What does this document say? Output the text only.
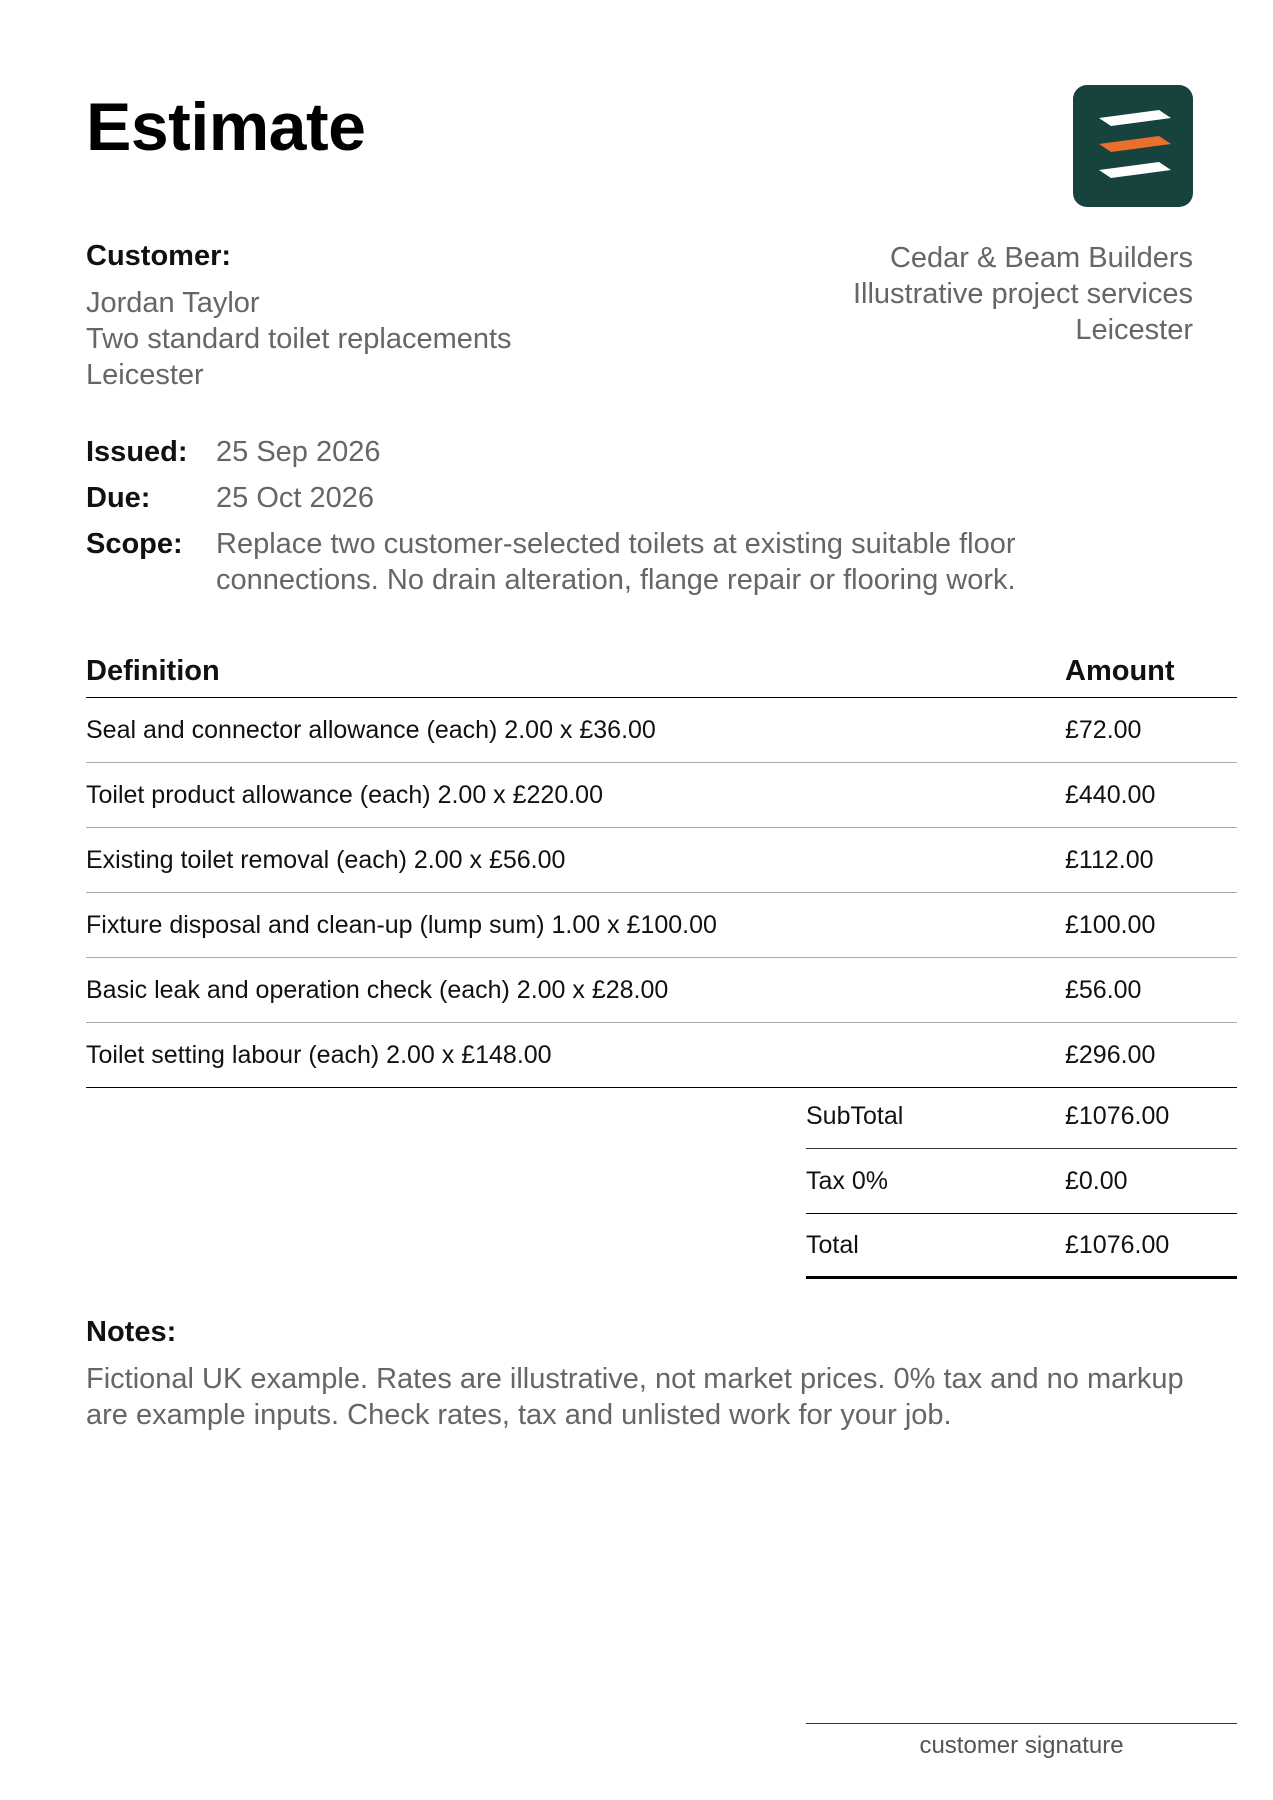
Estimate
Customer:
Jordan Taylor
Two standard toilet replacements
Leicester
Cedar & Beam Builders
Illustrative project services
Leicester
Issued: 25 Sep 2026
Due:	25 Oct 2026
Scope:	Replace two customer-selected toilets at existing suitable floor connections. No drain alteration, flange repair or flooring work.
Definition	Amount
Seal and connector allowance (each) 2.00 x £36.00	£72.00
Toilet product allowance (each) 2.00 x £220.00	£440.00
Existing toilet removal (each) 2.00 x £56.00	£112.00
Fixture disposal and clean-up (lump sum) 1.00 x £100.00	£100.00
Basic leak and operation check (each) 2.00 x £28.00	£56.00
Toilet setting labour (each) 2.00 x £148.00	£296.00
SubTotal	£1076.00
Tax 0%	£0.00
Total	£1076.00
Notes:
Fictional UK example. Rates are illustrative, not market prices. 0% tax and no markup are example inputs. Check rates, tax and unlisted work for your job.
customer signature
